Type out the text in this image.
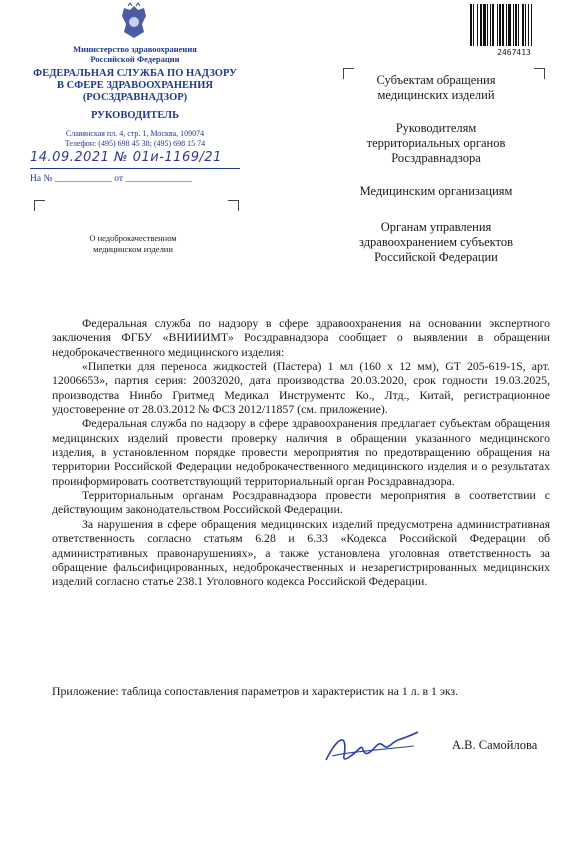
Министерство здравоохранения
Российской Федерации
ФЕДЕРАЛЬНАЯ СЛУЖБА ПО НАДЗОРУ
В СФЕРЕ ЗДРАВООХРАНЕНИЯ
(РОСЗДРАВНАДЗОР)
РУКОВОДИТЕЛЬ
Славянская пл. 4, стр. 1, Москва, 109074
Телефон: (495) 698 45 38; (495) 698 15 74
14.09.2021 № 01и-1169/21
На № ____________ от ______________
О недоброкачественном
медицинском изделии
2467413
Субъектам обращения
медицинских изделий
Руководителям
территориальных органов
Росздравнадзора
Медицинским организациям
Органам управления
здравоохранением субъектов
Российской Федерации

Федеральная служба по надзору в сфере здравоохранения на основании экспертного заключения ФГБУ «ВНИИИМТ» Росздравнадзора сообщает о выявлении в обращении недоброкачественного медицинского изделия:

«Пипетки для переноса жидкостей (Пастера) 1 мл (160 х 12 мм), GT 205-619-1S, арт. 12006653», партия серия: 20032020, дата производства 20.03.2020, срок годности 19.03.2025, производства Нинбо Гритмед Медикал Инструментс Ко., Лтд., Китай, регистрационное удостоверение от 28.03.2012 № ФСЗ 2012/11857 (см. приложение).

Федеральная служба по надзору в сфере здравоохранения предлагает субъектам обращения медицинских изделий провести проверку наличия в обращении указанного медицинского изделия, в установленном порядке провести мероприятия по предотвращению обращения на территории Российской Федерации недоброкачественного медицинского изделия и о результатах проинформировать соответствующий территориальный орган Росздравнадзора.

Территориальным органам Росздравнадзора провести мероприятия в соответствии с действующим законодательством Российской Федерации.

За нарушения в сфере обращения медицинских изделий предусмотрена административная ответственность согласно статьям 6.28 и 6.33 «Кодекса Российской Федерации об административных правонарушениях», а также установлена уголовная ответственность за обращение фальсифицированных, недоброкачественных и незарегистрированных медицинских изделий согласно статье 238.1 Уголовного кодекса Российской Федерации.

Приложение: таблица сопоставления параметров и характеристик на 1 л. в 1 экз.
А.В. Самойлова
